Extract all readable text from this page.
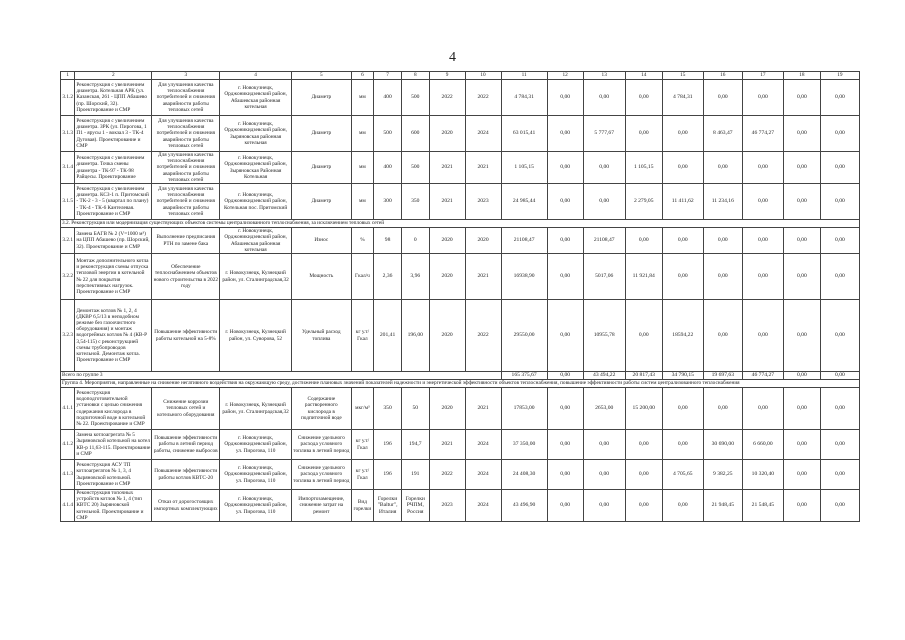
4
1	2	3	4	5	6	7	8	9	10	11	12	13	14	15	16	17	18	19
3.1.2	Реконструкция с увеличением диаметра. Котельная АРК (ул. Казанская, 261 - ЦПП Абашево (пр. Шорский, 32). Проектирование и СМР	Для улучшения качества теплоснабжения потребителей и снижения аварийности работы тепловых сетей	г. Новокузнецк, Орджоникидзевский район, Абашевская районная котельная	Диаметр	мм	400	500	2022	2022	4 784,31	0,00	0,00	0,00	4 784,31	0,00	0,00	0,00	0,00
3.1.3	Реконструкция с увеличением диаметра. ЗРК (ул. Пирогова, 1 П1 - ярусы 1 - вокзал 3 - ТК-4 Дуговая). Проектирование и СМР	Для улучшения качества теплоснабжения потребителей и снижения аварийности работы тепловых сетей	г. Новокузнецк, Орджоникидзевский район, Зыряновская районная котельная	Диаметр	мм	500	600	2020	2024	63 015,41	0,00	5 777,67	0,00	0,00	8 463,47	46 774,27	0,00	0,00
3.1.4	Реконструкция с увеличением диаметра. Точка смены диаметра - ТК-97 - ТК-98 Райцесы. Проектирование	Для улучшения качества теплоснабжения потребителей и снижения аварийности работы тепловых сетей	г. Новокузнецк, Орджоникидзевский район, Зыряновская Районная Котельная	Диаметр	мм	400	500	2021	2021	1 105,15	0,00	0,00	1 105,15	0,00	0,00	0,00	0,00	0,00
3.1.5	Реконструкция с увеличением диаметра. КСЗ-1 п. Притомский - ТК-2 - 3 - 5 (квартал по плану) - ТК-4 - ТК-6 Кантелевая. Проектирование и СМР	Для улучшения качества теплоснабжения потребителей и снижения аварийности работы тепловых сетей	г. Новокузнецк, Орджоникидзевский район, Котельная пос. Притомский	Диаметр	мм	300	350	2021	2023	24 985,44	0,00	0,00	2 279,05	11 411,62	11 234,16	0,00	0,00	0,00
3.2. Реконструкция или модернизация существующих объектов системы централизованного теплоснабжения, за исключением тепловых сетей																		
3.2.1	Замена БАГВ № 2 (V=1000 м³) на ЦПП Абашево (пр. Шорский, 32). Проектирование и СМР	Выполнение предписания РТН по замене бака	г. Новокузнецк, Орджоникидзевский район, Абашевская районная котельная	Износ	%	98	0	2020	2020	21108,47	0,00	21108,47	0,00	0,00	0,00	0,00	0,00	0,00
3.2.2	Монтаж дополнительного котла и реконструкция схемы отпуска тепловой энергии в котельной № 22 для покрытия перспективных нагрузок. Проектирование и СМР	Обеспечение теплоснабжением объектов нового строительства в 2022 году	г. Новокузнецк, Кузнецкий район, ул. Сталинградская,32	Мощность	Гкал/ч	2,36	3,96	2020	2021	16938,90	0,00	5017,06	11 921,84	0,00	0,00	0,00	0,00	0,00
3.2.3	Демонтаж котлов № 1, 2, 4 (ДКВР 6,5/13 в неподобном режиме без газоочистного оборудования) и монтаж водогрейных котлов № 4 (КВ-Р 3,54-115) с реконструкцией схемы трубопроводов котельной. Демонтаж котла. Проектирование и СМР	Повышение эффективности работы котельной на 5-8%	г. Новокузнецк, Кузнецкий район, ул. Суворова, 52	Удельный расход топлива	кг у.т/Гкал	201,41	196,00	2020	2022	29550,00	0,00	10955,78	0,00	18594,22	0,00	0,00	0,00	0,00
Всего по группе 3										165 375,67	0,00	43 494,22	20 817,43	34 790,15	19 697,63	46 774,27	0,00	0,00
Группа 4. Мероприятия, направленные на снижение негативного воздействия на окружающую среду, достижение плановых значений показателей надежности и энергетической эффективности объектов теплоснабжения, повышение эффективности работы систем централизованного теплоснабжения																		
4.1.1	Реконструкция водоподготовительной установки с целью снижения содержания кислорода в подпиточной воде в котельной № 22. Проектирование и СМР	Снижение коррозии тепловых сетей и котельного оборудования	г. Новокузнецк, Кузнецкий район, ул. Сталинградская,32	Содержание растворенного кислорода в подпиточной воде	мкг/м³	350	50	2020	2021	17853,00	0,00	2653,00	15 200,00	0,00	0,00	0,00	0,00	0,00
4.1.2	Замена котлоагрегата № 5 Зыряновской котельной на котел КВ-р 11,63-115. Проектирование и СМР	Повышение эффективности работы в летний период работы, снижение выбросов	г. Новокузнецк, Орджоникидзевский район, ул. Пирогова, 110	Снижение удельного расхода условного топлива в летний период	кг у.т/Гкал	196	194,7	2021	2024	37 350,00	0,00	0,00	0,00	0,00	30 690,00	6 660,00	0,00	0,00
4.1.3	Реконструкция АСУ ТП котлоагрегатов № 1, 3, 4 Зыряновской котельной. Проектирование и СМР	Повышение эффективности работы котлов КВТС-20	г. Новокузнецк, Орджоникидзевский район, ул. Пирогова, 110	Снижение удельного расхода условного топлива в летний период	кг у.т/Гкал	196	191	2022	2024	24 408,30	0,00	0,00	0,00	4 705,65	9 382,25	10 320,40	0,00	0,00
4.1.4	Реконструкция топочных устройств котлов № 1, 4 (тип КВТС 20) Зыряновской котельной. Проектирование и СМР	Отказ от дорогостоящих импортных комплектующих	г. Новокузнецк, Орджоникидзевский район, ул. Пирогова, 110	Импортозамещение, снижение затрат на ремонт	Вид горелки	Горелки "Baltur", Италия	Горелки РЧПМ, Россия	2023	2024	43 496,90	0,00	0,00	0,00	0,00	21 948,45	21 548,45	0,00	0,00
